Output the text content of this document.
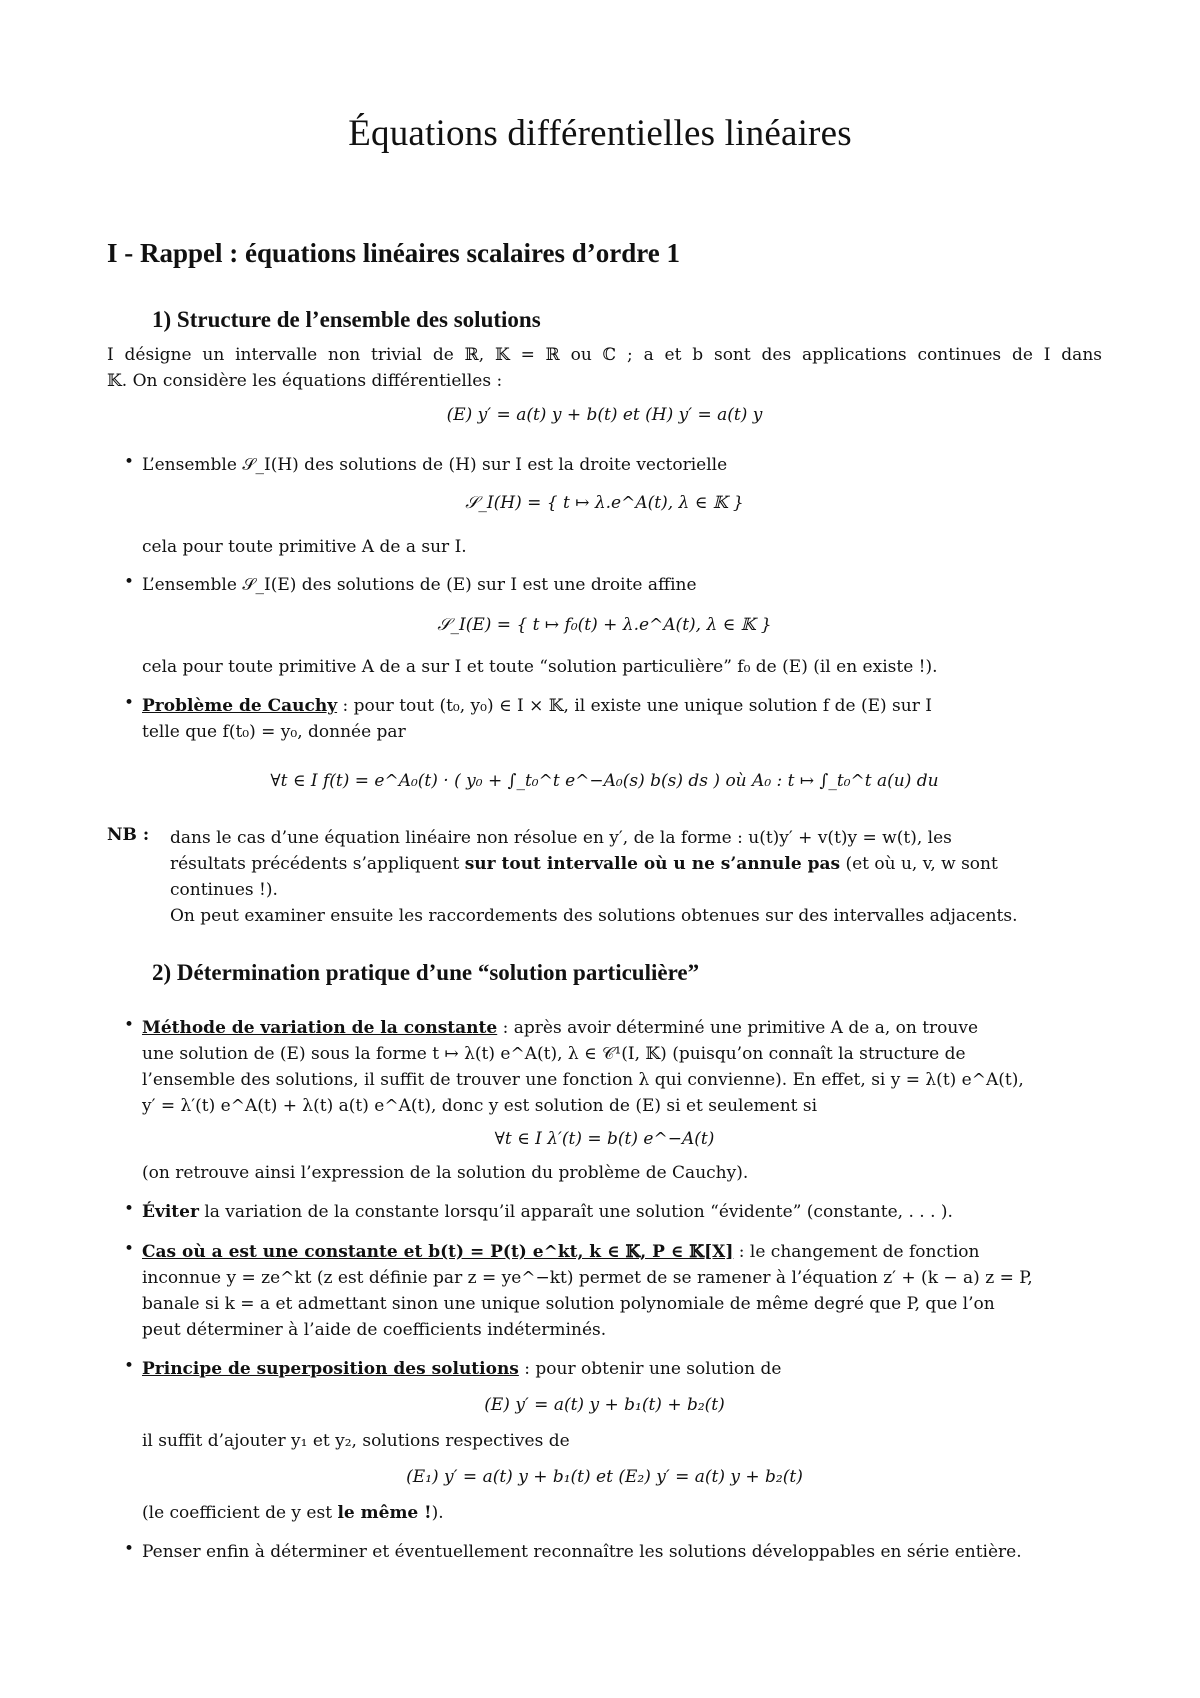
Équations différentielles linéaires
I - Rappel : équations linéaires scalaires d’ordre 1
1) Structure de l’ensemble des solutions
I désigne un intervalle non trivial de ℝ, 𝕂 = ℝ ou ℂ ; a et b sont des applications continues de I dans
𝕂. On considère les équations différentielles :
(E) y′ = a(t) y + b(t) et (H) y′ = a(t) y
• L’ensemble 𝒮_I(H) des solutions de (H) sur I est la droite vectorielle
𝒮_I(H) = { t ↦ λ.e^A(t), λ ∈ 𝕂 }
cela pour toute primitive A de a sur I.
• L’ensemble 𝒮_I(E) des solutions de (E) sur I est une droite affine
𝒮_I(E) = { t ↦ f₀(t) + λ.e^A(t), λ ∈ 𝕂 }
cela pour toute primitive A de a sur I et toute “solution particulière” f₀ de (E) (il en existe !).
• Problème de Cauchy : pour tout (t₀, y₀) ∈ I × 𝕂, il existe une unique solution f de (E) sur I
telle que f(t₀) = y₀, donnée par
∀t ∈ I f(t) = e^A₀(t) · ( y₀ + ∫_t₀^t e^−A₀(s) b(s) ds ) où A₀ : t ↦ ∫_t₀^t a(u) du
NB : dans le cas d’une équation linéaire non résolue en y′, de la forme : u(t)y′ + v(t)y = w(t), les
résultats précédents s’appliquent sur tout intervalle où u ne s’annule pas (et où u, v, w sont
continues !).
On peut examiner ensuite les raccordements des solutions obtenues sur des intervalles adjacents.
2) Détermination pratique d’une “solution particulière”
• Méthode de variation de la constante : après avoir déterminé une primitive A de a, on trouve
une solution de (E) sous la forme t ↦ λ(t) e^A(t), λ ∈ 𝒞¹(I, 𝕂) (puisqu’on connaît la structure de
l’ensemble des solutions, il suffit de trouver une fonction λ qui convienne). En effet, si y = λ(t) e^A(t),
y′ = λ′(t) e^A(t) + λ(t) a(t) e^A(t), donc y est solution de (E) si et seulement si
∀t ∈ I λ′(t) = b(t) e^−A(t)
(on retrouve ainsi l’expression de la solution du problème de Cauchy).
• Éviter la variation de la constante lorsqu’il apparaît une solution “évidente” (constante, . . . ).
• Cas où a est une constante et b(t) = P(t) e^kt, k ∈ 𝕂, P ∈ 𝕂[X] : le changement de fonction
inconnue y = ze^kt (z est définie par z = ye^−kt) permet de se ramener à l’équation z′ + (k − a) z = P,
banale si k = a et admettant sinon une unique solution polynomiale de même degré que P, que l’on
peut déterminer à l’aide de coefficients indéterminés.
• Principe de superposition des solutions : pour obtenir une solution de
(E) y′ = a(t) y + b₁(t) + b₂(t)
il suffit d’ajouter y₁ et y₂, solutions respectives de
(E₁) y′ = a(t) y + b₁(t) et (E₂) y′ = a(t) y + b₂(t)
(le coefficient de y est le même !).
• Penser enfin à déterminer et éventuellement reconnaître les solutions développables en série entière.
